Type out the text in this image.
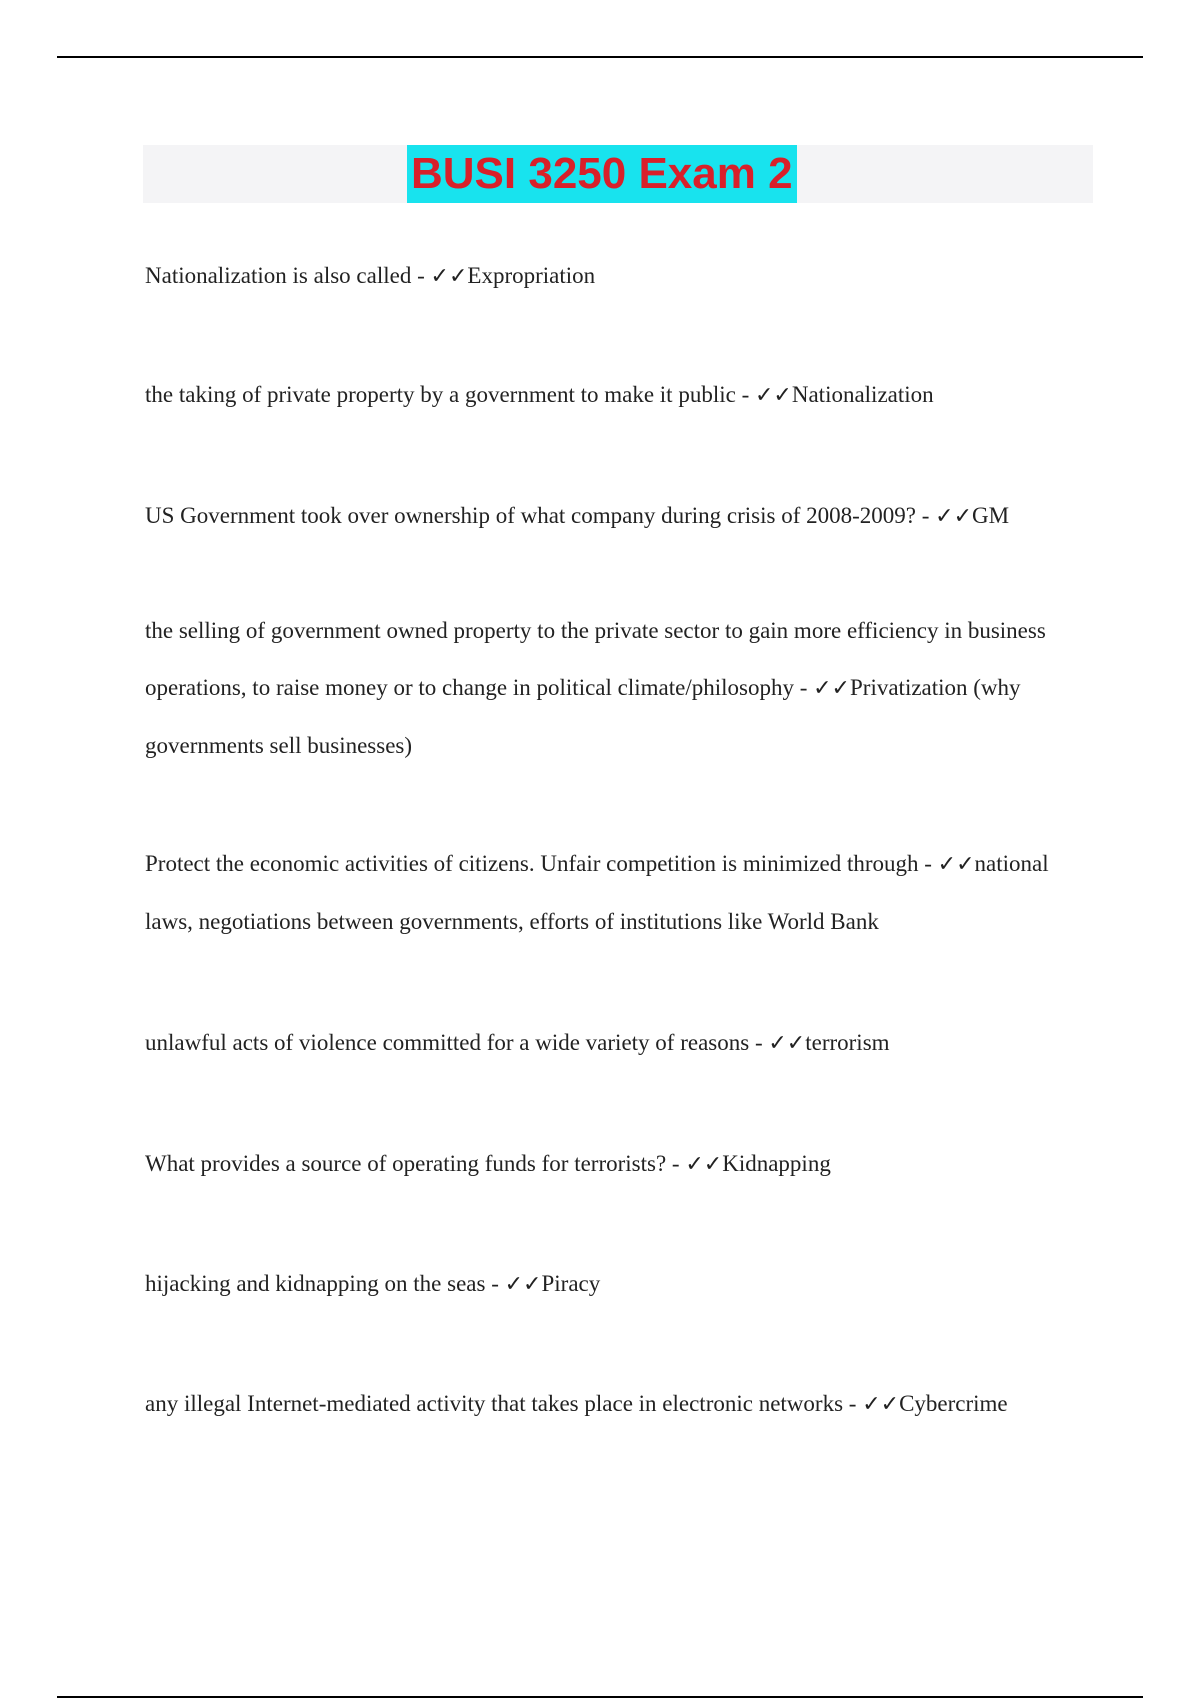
BUSI 3250 Exam 2

Nationalization is also called - ✓✓Expropriation

the taking of private property by a government to make it public - ✓✓Nationalization

US Government took over ownership of what company during crisis of 2008-2009? - ✓✓GM

the selling of government owned property to the private sector to gain more efficiency in business operations, to raise money or to change in political climate/philosophy - ✓✓Privatization (why governments sell businesses)

Protect the economic activities of citizens. Unfair competition is minimized through - ✓✓national laws, negotiations between governments, efforts of institutions like World Bank

unlawful acts of violence committed for a wide variety of reasons - ✓✓terrorism

What provides a source of operating funds for terrorists? - ✓✓Kidnapping

hijacking and kidnapping on the seas - ✓✓Piracy

any illegal Internet-mediated activity that takes place in electronic networks - ✓✓Cybercrime
